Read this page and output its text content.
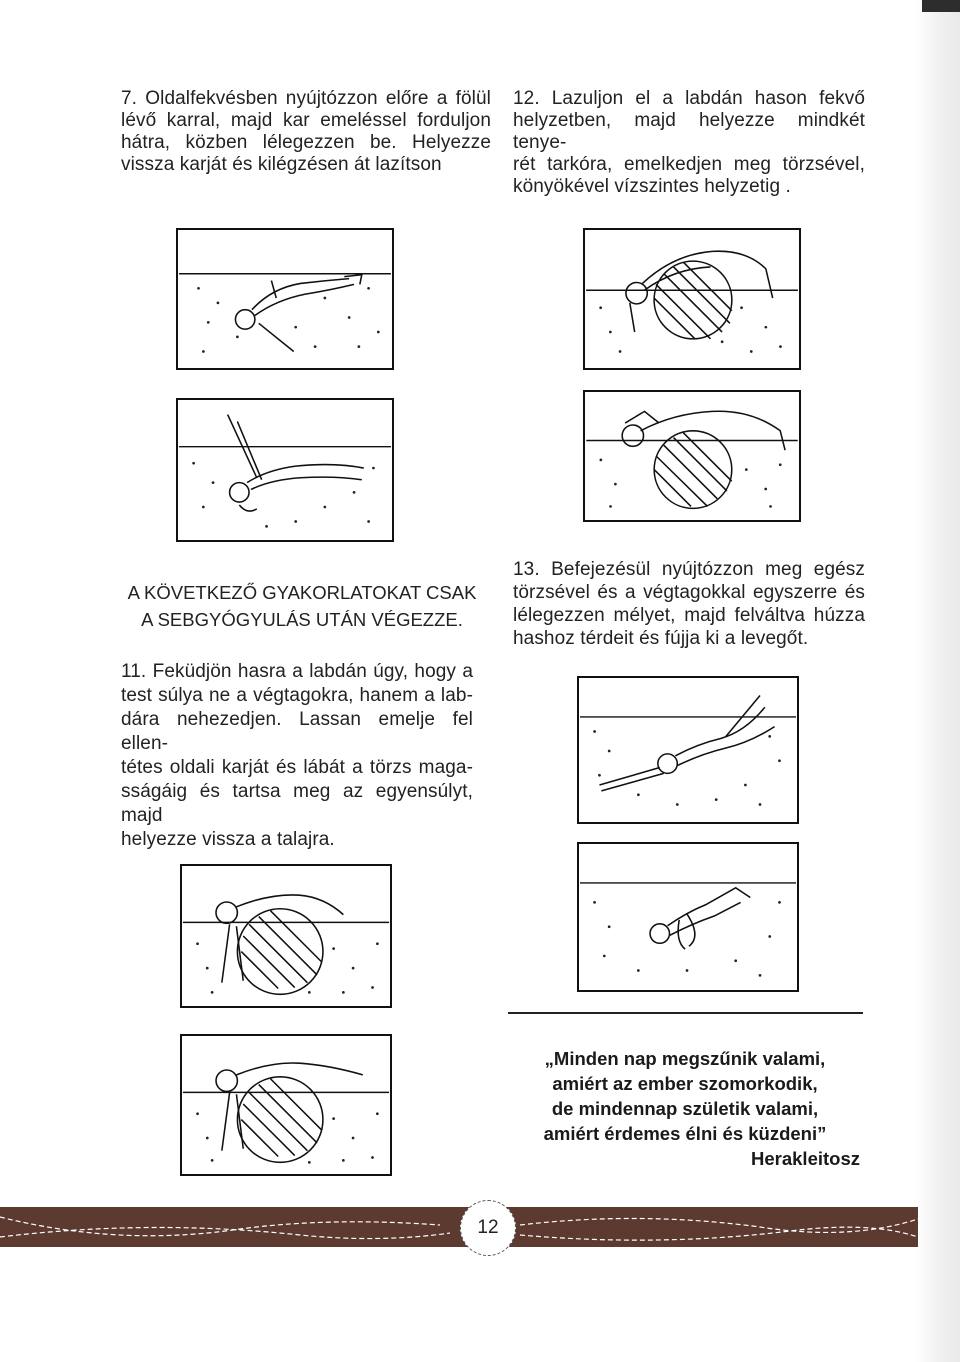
7. Oldalfekvésben nyújtózzon előre a fölül

lévő karral, majd kar emeléssel forduljon

hátra, közben lélegezzen be. Helyezze

vissza karját és kilégzésen át lazítson

12. Lazuljon el a labdán hason fekvő

helyzetben, majd helyezze mindkét tenye-

rét tarkóra, emelkedjen meg törzsével,

könyökével vízszintes helyzetig .

A KÖVETKEZŐ GYAKORLATOKAT CSAK
A SEBGYÓGYULÁS UTÁN VÉGEZZE.

11. Feküdjön hasra a labdán úgy, hogy a

test súlya ne a végtagokra, hanem a lab-

dára nehezedjen. Lassan emelje fel ellen-

tétes oldali karját és lábát a törzs maga-

sságáig és tartsa meg az egyensúlyt, majd

helyezze vissza a talajra.

13. Befejezésül nyújtózzon meg egész

törzsével és a végtagokkal egyszerre és

lélegezzen mélyet, majd felváltva húzza

hashoz térdeit és fújja ki a levegőt.

„Minden nap megszűnik valami,
amiért az ember szomorkodik,
de mindennap születik valami,
amiért érdemes élni és küzdeni”
Herakleitosz
12
